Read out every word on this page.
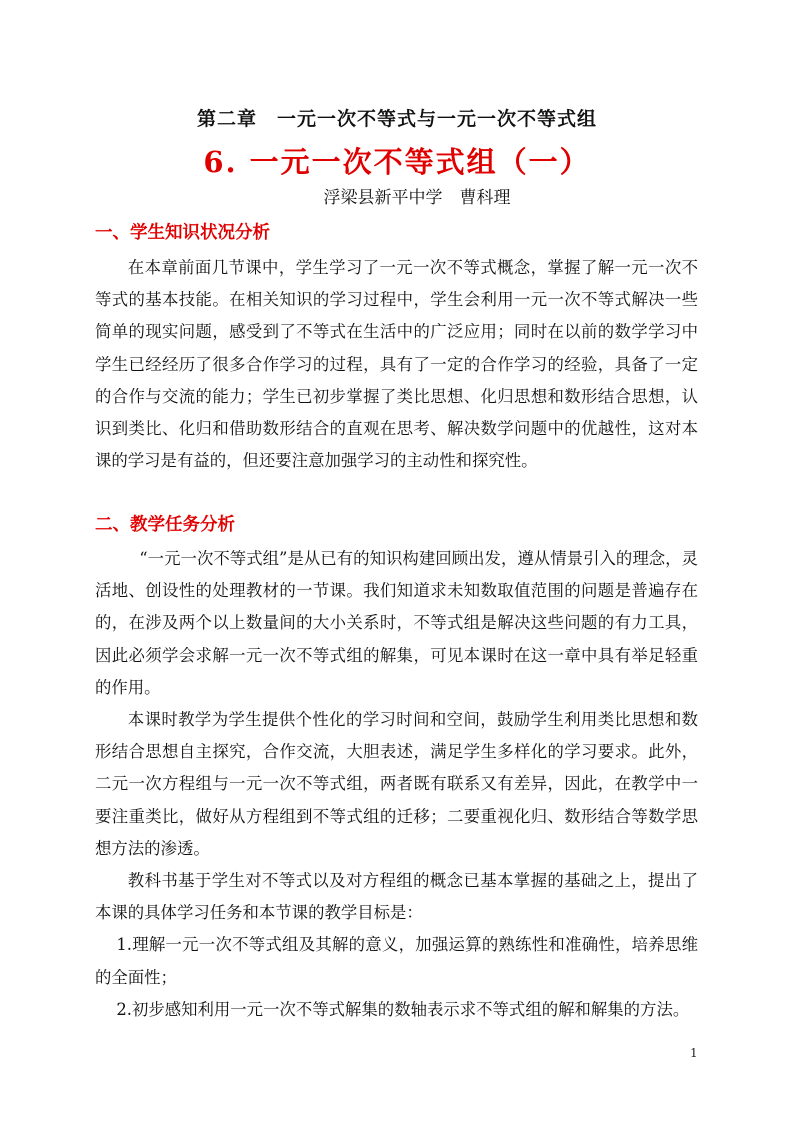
第二章　一元一次不等式与一元一次不等式组
6. 一元一次不等式组（一）
浮梁县新平中学　曹科理
一、学生知识状况分析

在本章前面几节课中，学生学习了一元一次不等式概念，掌握了解一元一次不等式的基本技能。在相关知识的学习过程中，学生会利用一元一次不等式解决一些简单的现实问题，感受到了不等式在生活中的广泛应用；同时在以前的数学学习中学生已经经历了很多合作学习的过程，具有了一定的合作学习的经验，具备了一定的合作与交流的能力；学生已初步掌握了类比思想、化归思想和数形结合思想，认识到类比、化归和借助数形结合的直观在思考、解决数学问题中的优越性，这对本课的学习是有益的，但还要注意加强学习的主动性和探究性。

二、教学任务分析

“一元一次不等式组”是从已有的知识构建回顾出发，遵从情景引入的理念，灵活地、创设性的处理教材的一节课。我们知道求未知数取值范围的问题是普遍存在的，在涉及两个以上数量间的大小关系时，不等式组是解决这些问题的有力工具，因此必须学会求解一元一次不等式组的解集，可见本课时在这一章中具有举足轻重的作用。

本课时教学为学生提供个性化的学习时间和空间，鼓励学生利用类比思想和数形结合思想自主探究，合作交流，大胆表述，满足学生多样化的学习要求。此外，二元一次方程组与一元一次不等式组，两者既有联系又有差异，因此，在教学中一要注重类比，做好从方程组到不等式组的迁移；二要重视化归、数形结合等数学思想方法的渗透。

教科书基于学生对不等式以及对方程组的概念已基本掌握的基础之上，提出了本课的具体学习任务和本节课的教学目标是：

1.理解一元一次不等式组及其解的意义，加强运算的熟练性和准确性，培养思维的全面性；

2.初步感知利用一元一次不等式解集的数轴表示求不等式组的解和解集的方法。

1
